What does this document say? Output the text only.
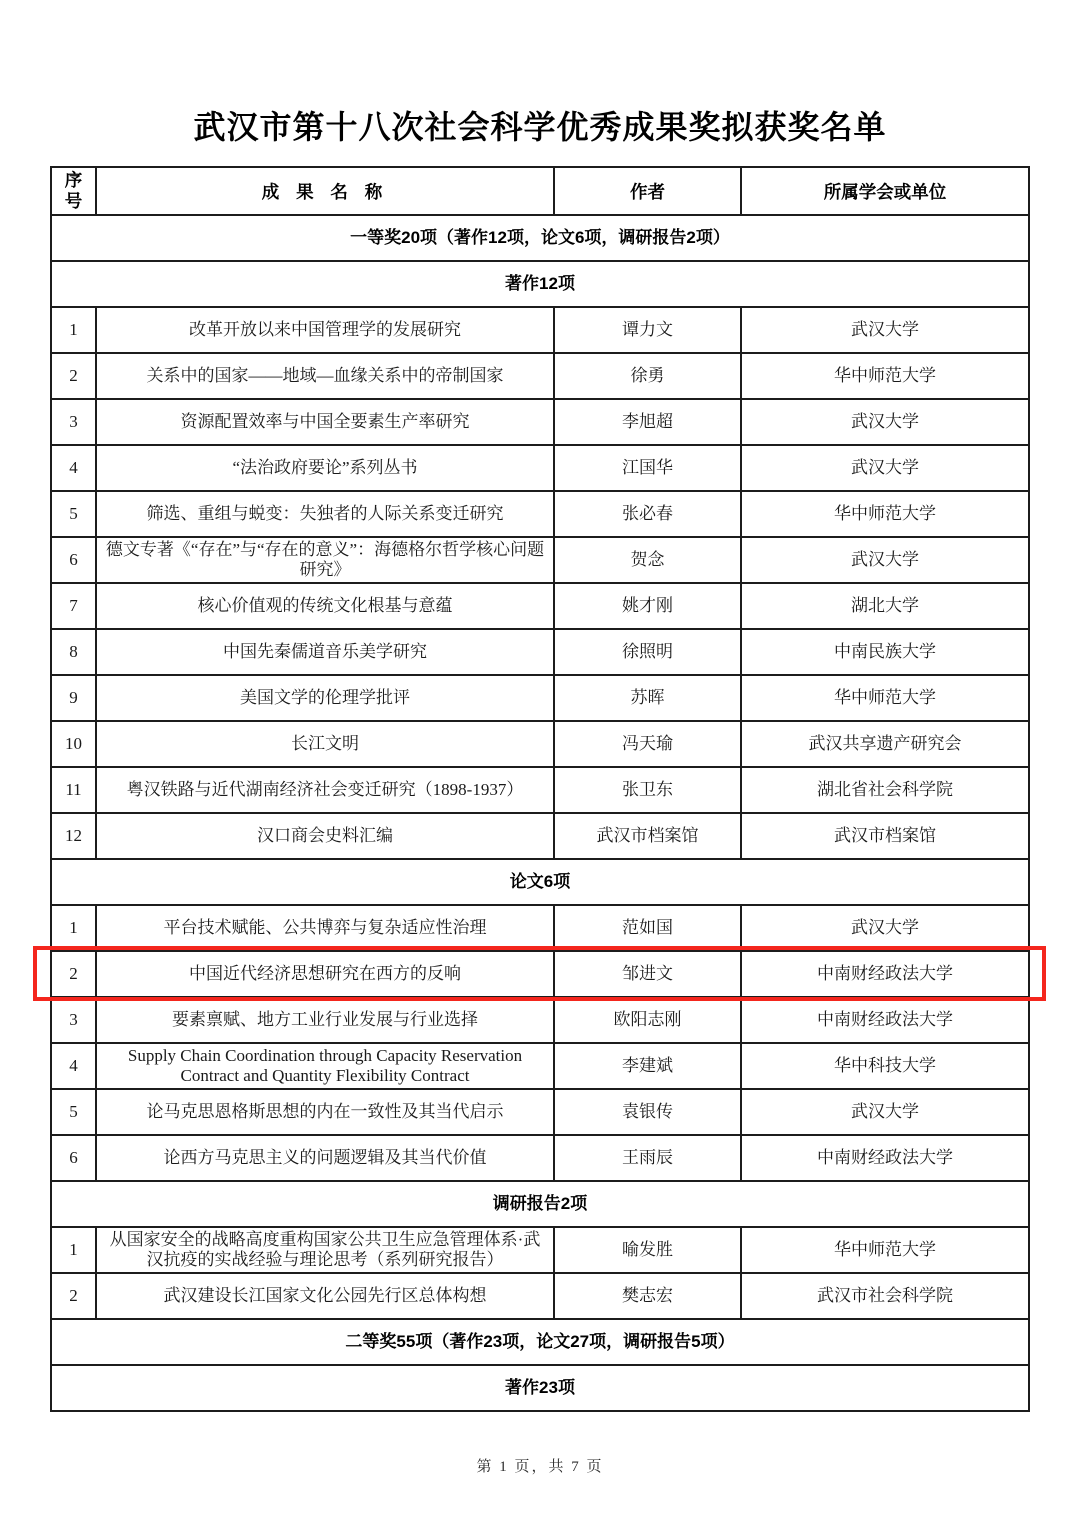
武汉市第十八次社会科学优秀成果奖拟获奖名单
序号	成 果 名 称	作者	所属学会或单位
一等奖20项（著作12项，论文6项，调研报告2项）			
著作12项			
1	改革开放以来中国管理学的发展研究	谭力文	武汉大学
2	关系中的国家——地域—血缘关系中的帝制国家	徐勇	华中师范大学
3	资源配置效率与中国全要素生产率研究	李旭超	武汉大学
4	“法治政府要论”系列丛书	江国华	武汉大学
5	筛选、重组与蜕变：失独者的人际关系变迁研究	张必春	华中师范大学
6	德文专著《“存在”与“存在的意义”：海德格尔哲学核心问题研究》	贺念	武汉大学
7	核心价值观的传统文化根基与意蕴	姚才刚	湖北大学
8	中国先秦儒道音乐美学研究	徐照明	中南民族大学
9	美国文学的伦理学批评	苏晖	华中师范大学
10	长江文明	冯天瑜	武汉共享遗产研究会
11	粤汉铁路与近代湖南经济社会变迁研究（1898-1937）	张卫东	湖北省社会科学院
12	汉口商会史料汇编	武汉市档案馆	武汉市档案馆
论文6项			
1	平台技术赋能、公共博弈与复杂适应性治理	范如国	武汉大学
2	中国近代经济思想研究在西方的反响	邹进文	中南财经政法大学
3	要素禀赋、地方工业行业发展与行业选择	欧阳志刚	中南财经政法大学
4	Supply Chain Coordination through Capacity Reservation Contract and Quantity Flexibility Contract	李建斌	华中科技大学
5	论马克思恩格斯思想的内在一致性及其当代启示	袁银传	武汉大学
6	论西方马克思主义的问题逻辑及其当代价值	王雨辰	中南财经政法大学
调研报告2项			
1	从国家安全的战略高度重构国家公共卫生应急管理体系·武汉抗疫的实战经验与理论思考（系列研究报告）	喻发胜	华中师范大学
2	武汉建设长江国家文化公园先行区总体构想	樊志宏	武汉市社会科学院
二等奖55项（著作23项，论文27项，调研报告5项）			
著作23项			
第 1 页，共 7 页
